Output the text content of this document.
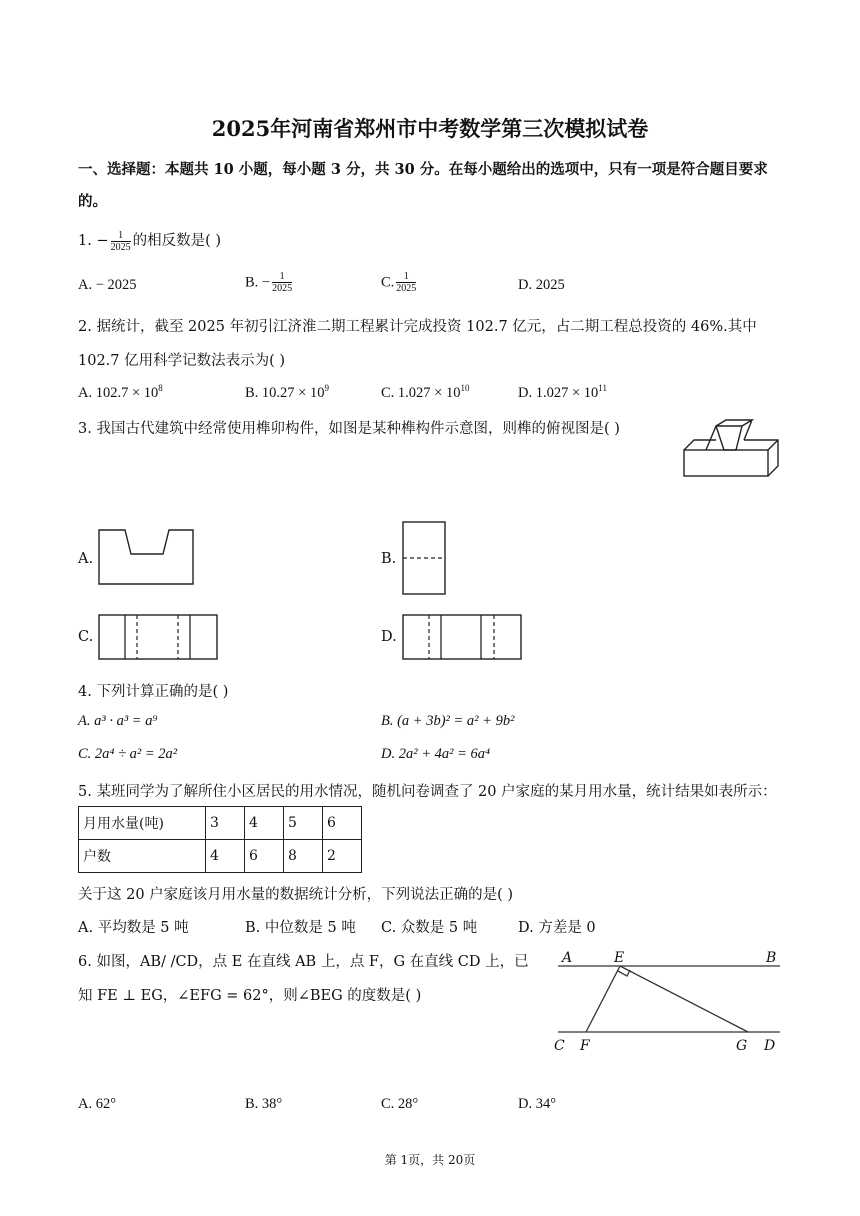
2025年河南省郑州市中考数学第三次模拟试卷
一、选择题：本题共 10 小题，每小题 3 分，共 30 分。在每小题给出的选项中，只有一项是符合题目要求
的。
1. − $\frac{1}{2025}$ 的相反数是( )
A. − 2025	B. − $\frac{1}{2025}$	C. $\frac{1}{2025}$	D. 2025
2. 据统计，截至 2025 年初引江济淮二期工程累计完成投资 102.7 亿元，占二期工程总投资的 46%.其中
102.7 亿用科学记数法表示为( )
A. $102.7 \times 10^8$	B. $10.27 \times 10^9$	C. $1.027 \times 10^{10}$	D. $1.027 \times 10^{11}$
3. 我国古代建筑中经常使用榫卯构件，如图是某种榫构件示意图，则榫的俯视图是( )
A.	B.
C.	D.
4. 下列计算正确的是( )
A. a³ · a³ = a⁹	B. (a + 3b)² = a² + 9b²
C. 2a⁴ ÷ a² = 2a²	D. 2a² + 4a² = 6a⁴
5. 某班同学为了解所住小区居民的用水情况，随机问卷调查了 20 户家庭的某月用水量，统计结果如表所示：
月用水量(吨)	3	4	5	6
户数	4	6	8	2
关于这 20 户家庭该月用水量的数据统计分析，下列说法正确的是( )
A. 平均数是 5 吨	B. 中位数是 5 吨 C. 众数是 5 吨	D. 方差是 0
6. 如图，AB/ /CD，点 E 在直线 AB 上，点 F，G 在直线 CD 上，已
知 FE ⊥ EG，∠EFG = 62°，则∠BEG 的度数是( )
A	E	B
C F	G D
A. 62°	B. 38°	C. 28°	D. 34°
第 1页，共 20页
